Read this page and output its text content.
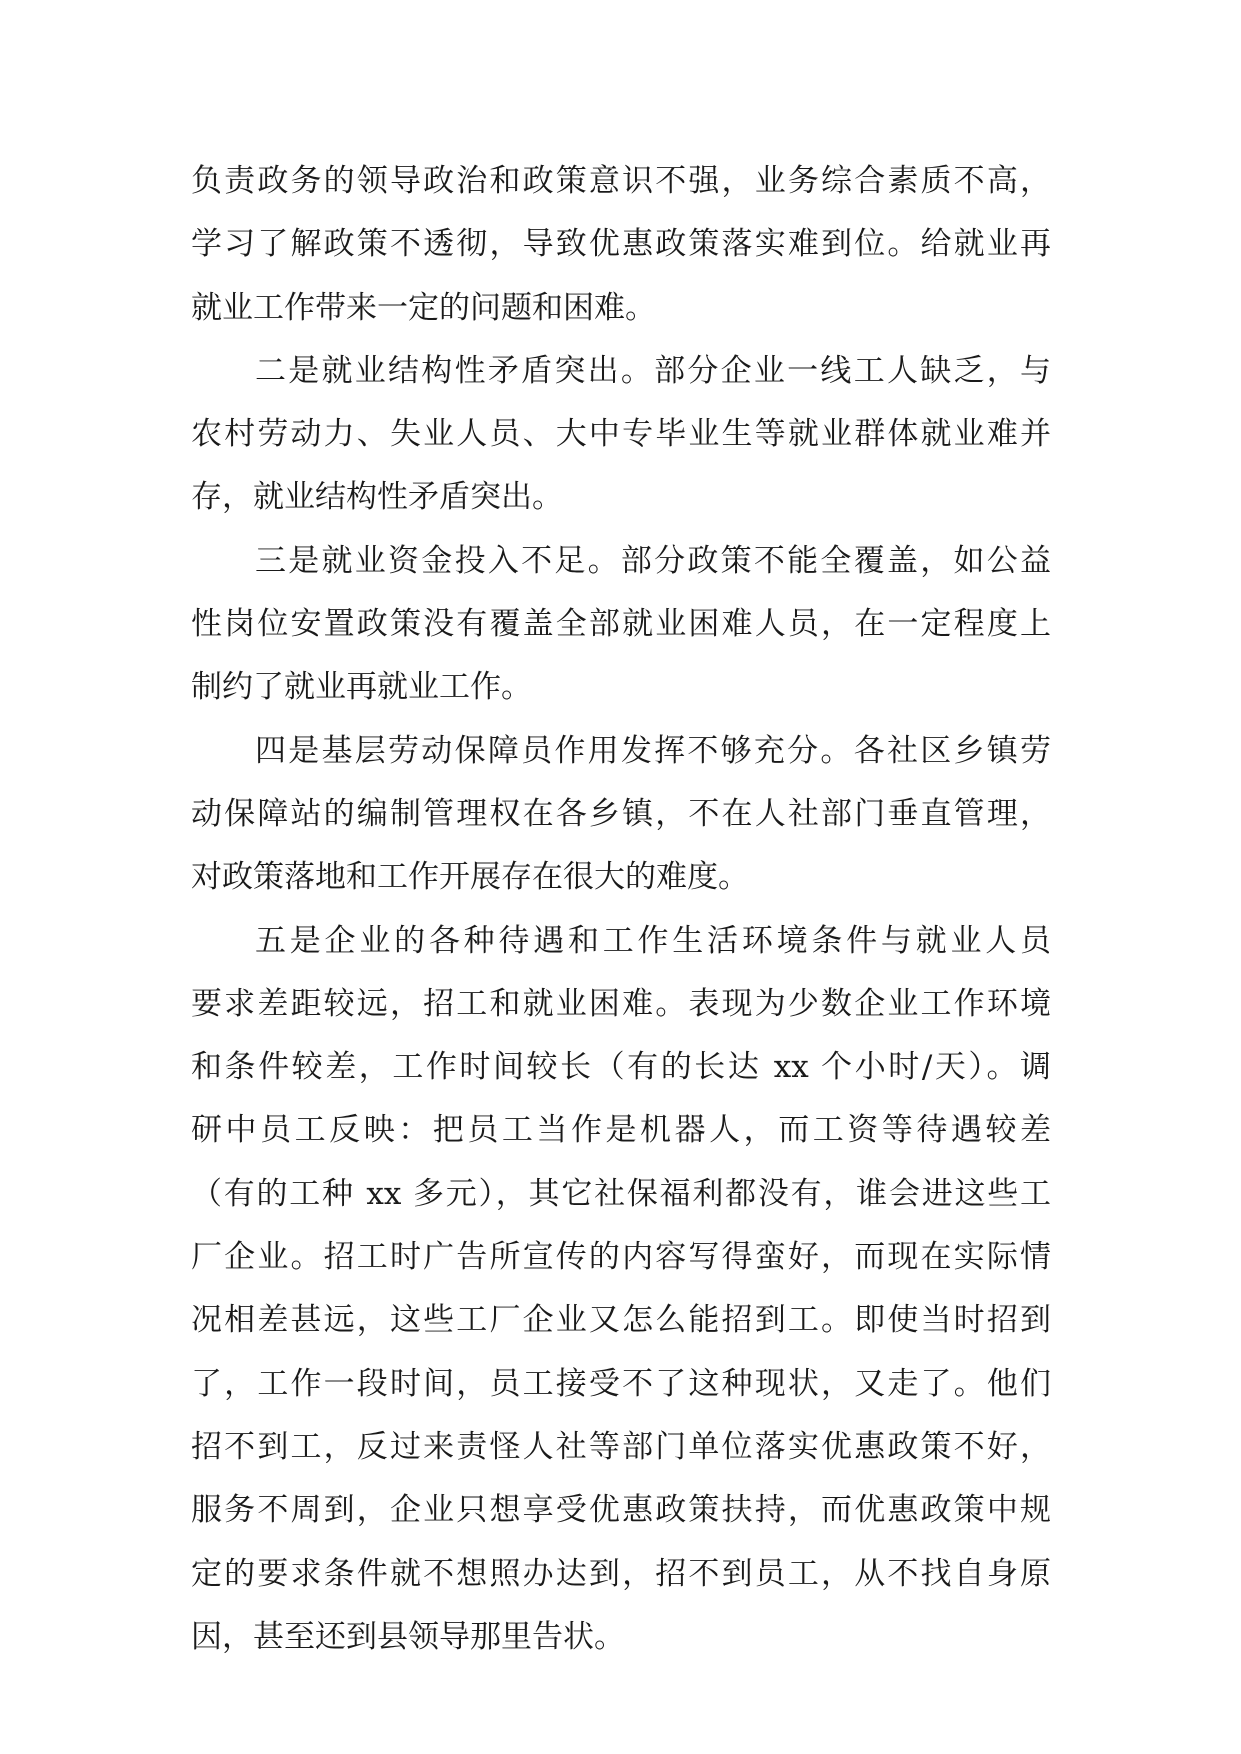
负责政务的领导政治和政策意识不强，业务综合素质不高，
学习了解政策不透彻，导致优惠政策落实难到位。给就业再
就业工作带来一定的问题和困难。
二是就业结构性矛盾突出。部分企业一线工人缺乏，与
农村劳动力、失业人员、大中专毕业生等就业群体就业难并
存，就业结构性矛盾突出。
三是就业资金投入不足。部分政策不能全覆盖，如公益
性岗位安置政策没有覆盖全部就业困难人员，在一定程度上
制约了就业再就业工作。
四是基层劳动保障员作用发挥不够充分。各社区乡镇劳
动保障站的编制管理权在各乡镇，不在人社部门垂直管理，
对政策落地和工作开展存在很大的难度。
五是企业的各种待遇和工作生活环境条件与就业人员
要求差距较远，招工和就业困难。表现为少数企业工作环境
和条件较差，工作时间较长（有的长达 xx 个小时/天）。调
研中员工反映：把员工当作是机器人，而工资等待遇较差
（有的工种 xx 多元），其它社保福利都没有，谁会进这些工
厂企业。招工时广告所宣传的内容写得蛮好，而现在实际情
况相差甚远，这些工厂企业又怎么能招到工。即使当时招到
了，工作一段时间，员工接受不了这种现状，又走了。他们
招不到工，反过来责怪人社等部门单位落实优惠政策不好，
服务不周到，企业只想享受优惠政策扶持，而优惠政策中规
定的要求条件就不想照办达到，招不到员工，从不找自身原
因，甚至还到县领导那里告状。
